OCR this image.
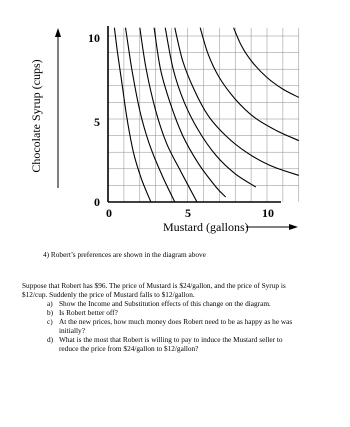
10
5
0
0	5	10
Mustard (gallons)
Chocolate Syrup (cups)
4) Robert’s preferences are shown in the diagram above
Suppose that Robert has $96. The price of Mustard is $24/gallon, and the price of Syrup is
$12/cup. Suddenly the price of Mustard falls to $12/gallon.
a) Show the Income and Substitution effects of this change on the diagram.
b) Is Robert better off?
c) At the new prices, how much money does Robert need to be as happy as he was
initially?
d) What is the most that Robert is willing to pay to induce the Mustard seller to
reduce the price from $24/gallon to $12/gallon?
